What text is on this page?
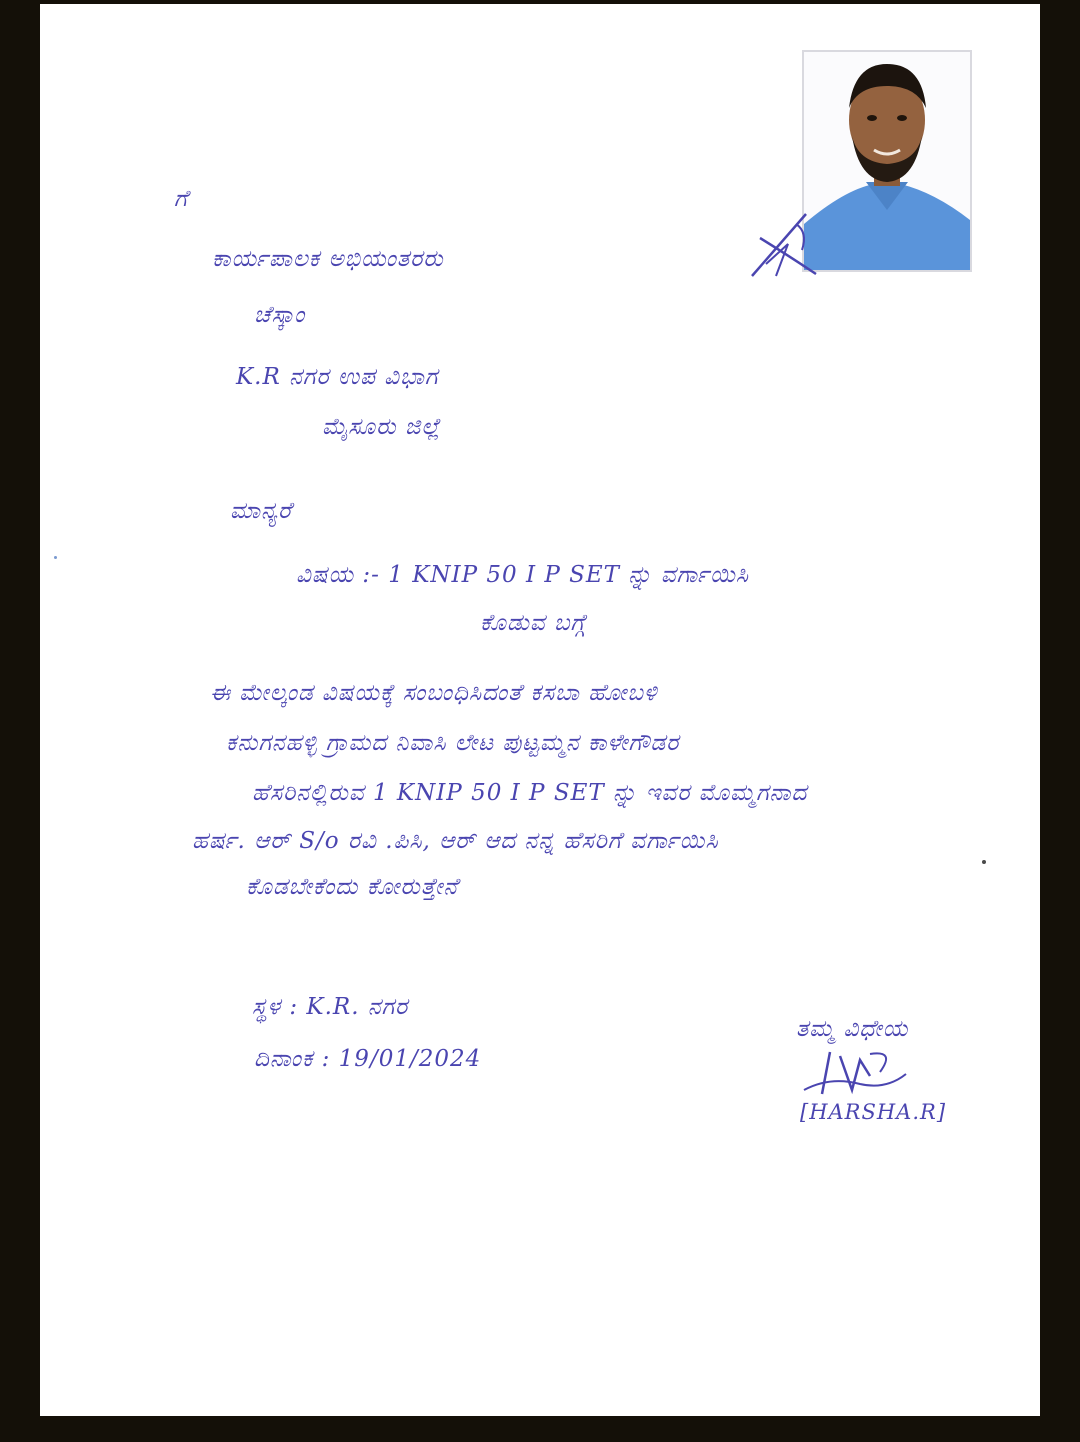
ಗೆ
ಕಾರ್ಯಪಾಲಕ ಅಭಿಯಂತರರು
ಚೆಸ್ಕಾಂ
K.R ನಗರ ಉಪ ವಿಭಾಗ
ಮೈಸೂರು ಜಿಲ್ಲೆ
ಮಾನ್ಯರೆ
ವಿಷಯ :- 1 KNIP 50 I P SET ನ್ನು ವರ್ಗಾಯಿಸಿ
ಕೊಡುವ ಬಗ್ಗೆ
ಈ ಮೇಲ್ಕಂಡ ವಿಷಯಕ್ಕೆ ಸಂಬಂಧಿಸಿದಂತೆ ಕಸಬಾ ಹೋಬಳಿ
ಕನುಗನಹಳ್ಳಿ ಗ್ರಾಮದ ನಿವಾಸಿ ಲೇಟ ಪುಟ್ಟಮ್ಮನ ಕಾಳೇಗೌಡರ
ಹೆಸರಿನಲ್ಲಿರುವ 1 KNIP 50 I P SET ನ್ನು ಇವರ ಮೊಮ್ಮಗನಾದ
ಹರ್ಷ. ಆರ್ S/o ರವಿ .ಪಿಸಿ, ಆರ್ ಆದ ನನ್ನ ಹೆಸರಿಗೆ ವರ್ಗಾಯಿಸಿ
ಕೊಡಬೇಕೆಂದು ಕೋರುತ್ತೇನೆ
ಸ್ಥಳ : K.R. ನಗರ
ದಿನಾಂಕ : 19/01/2024
ತಮ್ಮ ವಿಧೇಯ
[HARSHA.R]
